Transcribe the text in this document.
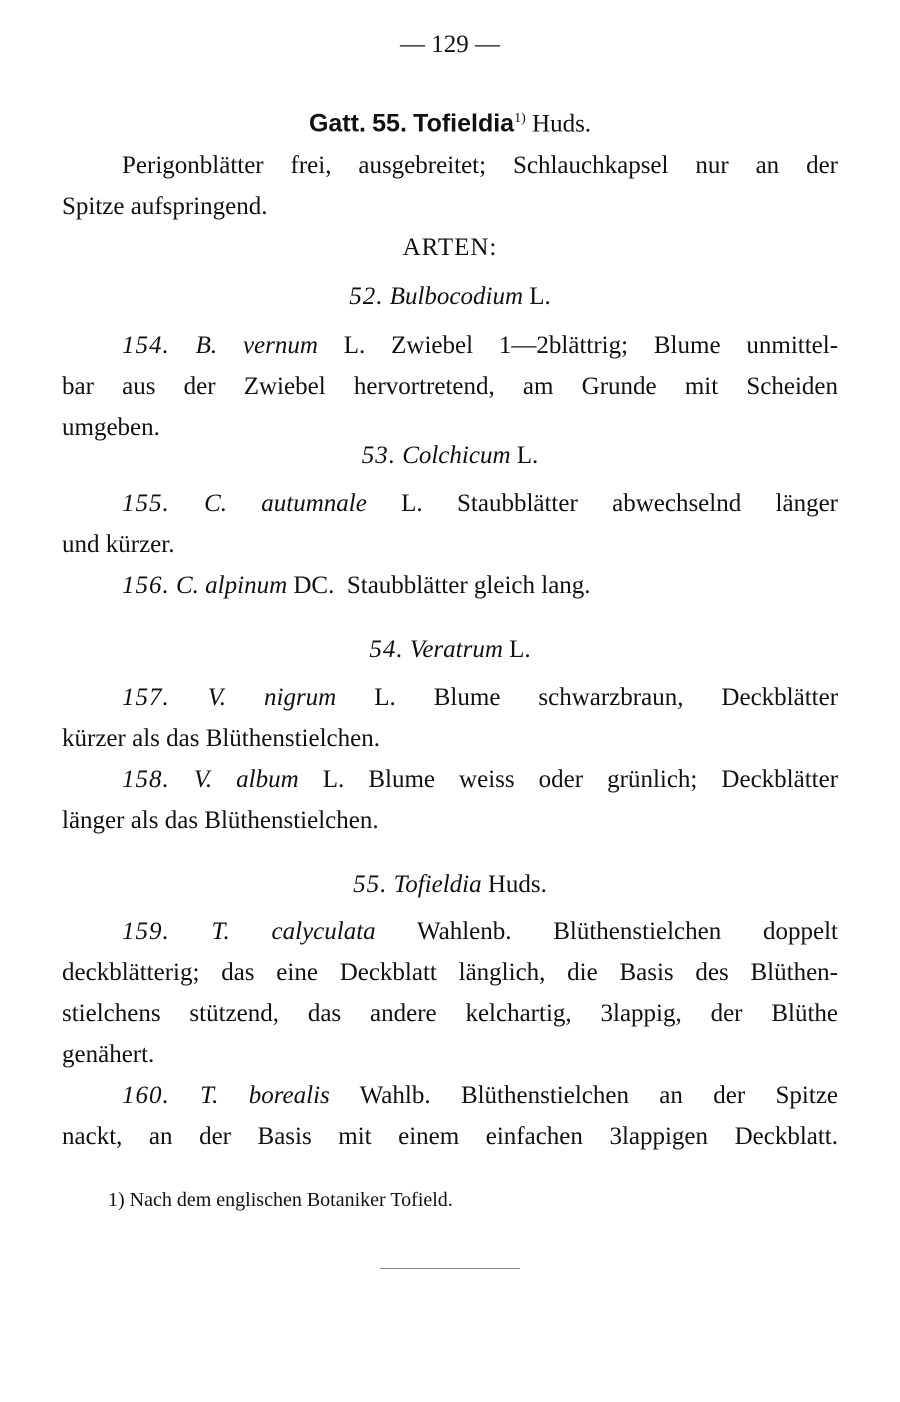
— 129 —
Gatt. 55. Tofieldia$^{1)}$ Huds.
Perigonblätter frei, ausgebreitet; Schlauchkapsel nur an der
Spitze aufspringend.
ARTEN:
52. Bulbocodium L.
154. B. vernum L. Zwiebel 1—2blättrig; Blume unmittel-
bar aus der Zwiebel hervortretend, am Grunde mit Scheiden
umgeben.
53. Colchicum L.
155. C. autumnale L. Staubblätter abwechselnd länger
und kürzer.
156. C. alpinum DC. Staubblätter gleich lang.
54. Veratrum L.
157. V. nigrum L. Blume schwarzbraun, Deckblätter
kürzer als das Blüthenstielchen.
158. V. album L. Blume weiss oder grünlich; Deckblätter
länger als das Blüthenstielchen.
55. Tofieldia Huds.
159. T. calyculata Wahlenb. Blüthenstielchen doppelt
deckblätterig; das eine Deckblatt länglich, die Basis des Blüthen-
stielchens stützend, das andere kelchartig, 3lappig, der Blüthe
genähert.
160. T. borealis Wahlb. Blüthenstielchen an der Spitze
nackt, an der Basis mit einem einfachen 3lappigen Deckblatt.
1) Nach dem englischen Botaniker Tofield.
